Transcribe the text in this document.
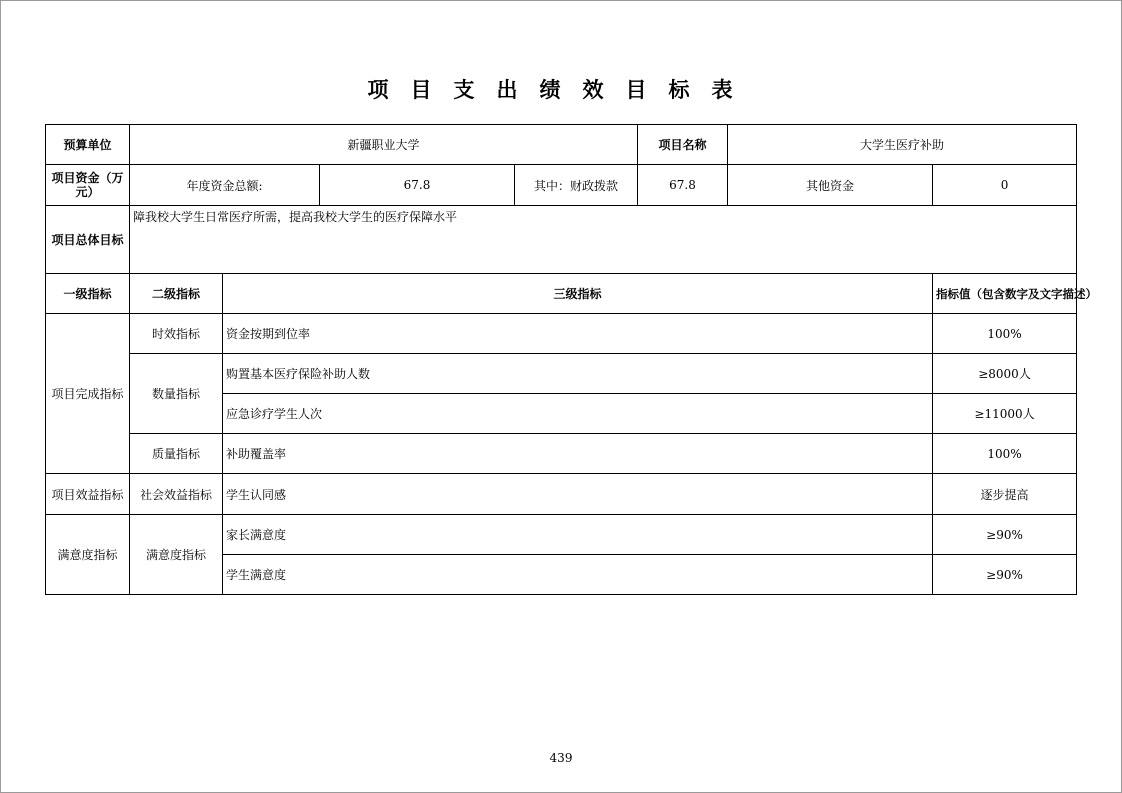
项目支出绩效目标表
预算单位	新疆职业大学				项目名称	大学生医疗补助	
项目资金（万元）	年度资金总额:		67.8	其中：财政拨款	67.8	其他资金	0
项目总体目标	障我校大学生日常医疗所需，提高我校大学生的医疗保障水平						
一级指标	二级指标	三级指标					指标值（包含数字及文字描述）
项目完成指标	时效指标	资金按期到位率					100%
	数量指标	购置基本医疗保险补助人数					≥8000人
		应急诊疗学生人次					≥11000人
	质量指标	补助覆盖率					100%
项目效益指标	社会效益指标	学生认同感					逐步提高
满意度指标	满意度指标	家长满意度					≥90%
		学生满意度					≥90%
439
